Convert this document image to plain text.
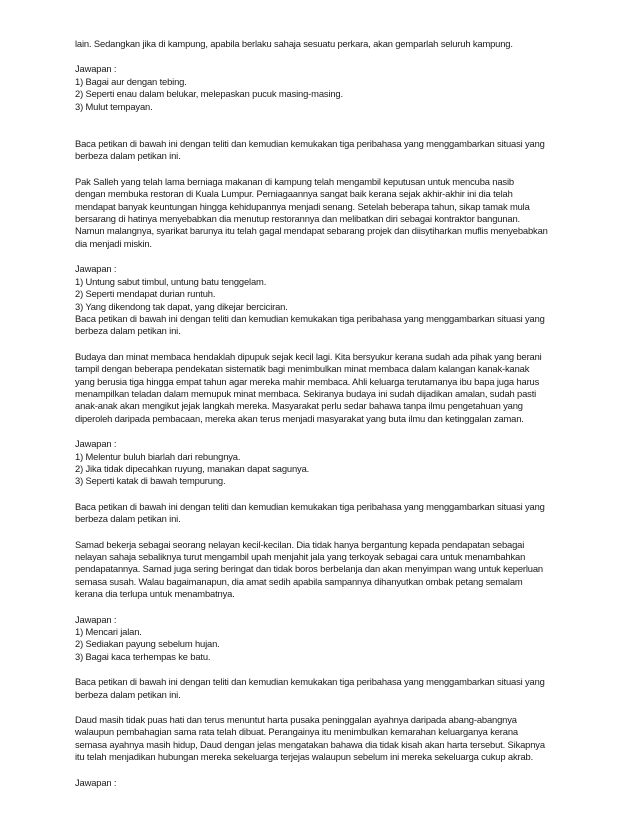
lain. Sedangkan jika di kampung, apabila berlaku sahaja sesuatu perkara, akan gemparlah seluruh kampung.

Jawapan :
1) Bagai aur dengan tebing.
2) Seperti enau dalam belukar, melepaskan pucuk masing-masing.
3) Mulut tempayan.

Baca petikan di bawah ini dengan teliti dan kemudian kemukakan tiga peribahasa yang menggambarkan situasi yang
berbeza dalam petikan ini.

Pak Salleh yang telah lama berniaga makanan di kampung telah mengambil keputusan untuk mencuba nasib
dengan membuka restoran di Kuala Lumpur. Perniagaannya sangat baik kerana sejak akhir-akhir ini dia telah
mendapat banyak keuntungan hingga kehidupannya menjadi senang. Setelah beberapa tahun, sikap tamak mula
bersarang di hatinya menyebabkan dia menutup restorannya dan melibatkan diri sebagai kontraktor bangunan.
Namun malangnya, syarikat barunya itu telah gagal mendapat sebarang projek dan diisytiharkan muflis menyebabkan
dia menjadi miskin.

Jawapan :
1) Untung sabut timbul, untung batu tenggelam.
2) Seperti mendapat durian runtuh.
3) Yang dikendong tak dapat, yang dikejar berciciran.

Baca petikan di bawah ini dengan teliti dan kemudian kemukakan tiga peribahasa yang menggambarkan situasi yang
berbeza dalam petikan ini.

Budaya dan minat membaca hendaklah dipupuk sejak kecil lagi. Kita bersyukur kerana sudah ada pihak yang berani
tampil dengan beberapa pendekatan sistematik bagi menimbulkan minat membaca dalam kalangan kanak-kanak
yang berusia tiga hingga empat tahun agar mereka mahir membaca. Ahli keluarga terutamanya ibu bapa juga harus
menampilkan teladan dalam memupuk minat membaca. Sekiranya budaya ini sudah dijadikan amalan, sudah pasti
anak-anak akan mengikut jejak langkah mereka. Masyarakat perlu sedar bahawa tanpa ilmu pengetahuan yang
diperoleh daripada pembacaan, mereka akan terus menjadi masyarakat yang buta ilmu dan ketinggalan zaman.

Jawapan :
1) Melentur buluh biarlah dari rebungnya.
2) Jika tidak dipecahkan ruyung, manakan dapat sagunya.
3) Seperti katak di bawah tempurung.

Baca petikan di bawah ini dengan teliti dan kemudian kemukakan tiga peribahasa yang menggambarkan situasi yang
berbeza dalam petikan ini.

Samad bekerja sebagai seorang nelayan kecil-kecilan. Dia tidak hanya bergantung kepada pendapatan sebagai
nelayan sahaja sebaliknya turut mengambil upah menjahit jala yang terkoyak sebagai cara untuk menambahkan
pendapatannya. Samad juga sering beringat dan tidak boros berbelanja dan akan menyimpan wang untuk keperluan
semasa susah. Walau bagaimanapun, dia amat sedih apabila sampannya dihanyutkan ombak petang semalam
kerana dia terlupa untuk menambatnya.

Jawapan :
1) Mencari jalan.
2) Sediakan payung sebelum hujan.
3) Bagai kaca terhempas ke batu.

Baca petikan di bawah ini dengan teliti dan kemudian kemukakan tiga peribahasa yang menggambarkan situasi yang
berbeza dalam petikan ini.

Daud masih tidak puas hati dan terus menuntut harta pusaka peninggalan ayahnya daripada abang-abangnya
walaupun pembahagian sama rata telah dibuat. Perangainya itu menimbulkan kemarahan keluarganya kerana
semasa ayahnya masih hidup, Daud dengan jelas mengatakan bahawa dia tidak kisah akan harta tersebut. Sikapnya
itu telah menjadikan hubungan mereka sekeluarga terjejas walaupun sebelum ini mereka sekeluarga cukup akrab.

Jawapan :
